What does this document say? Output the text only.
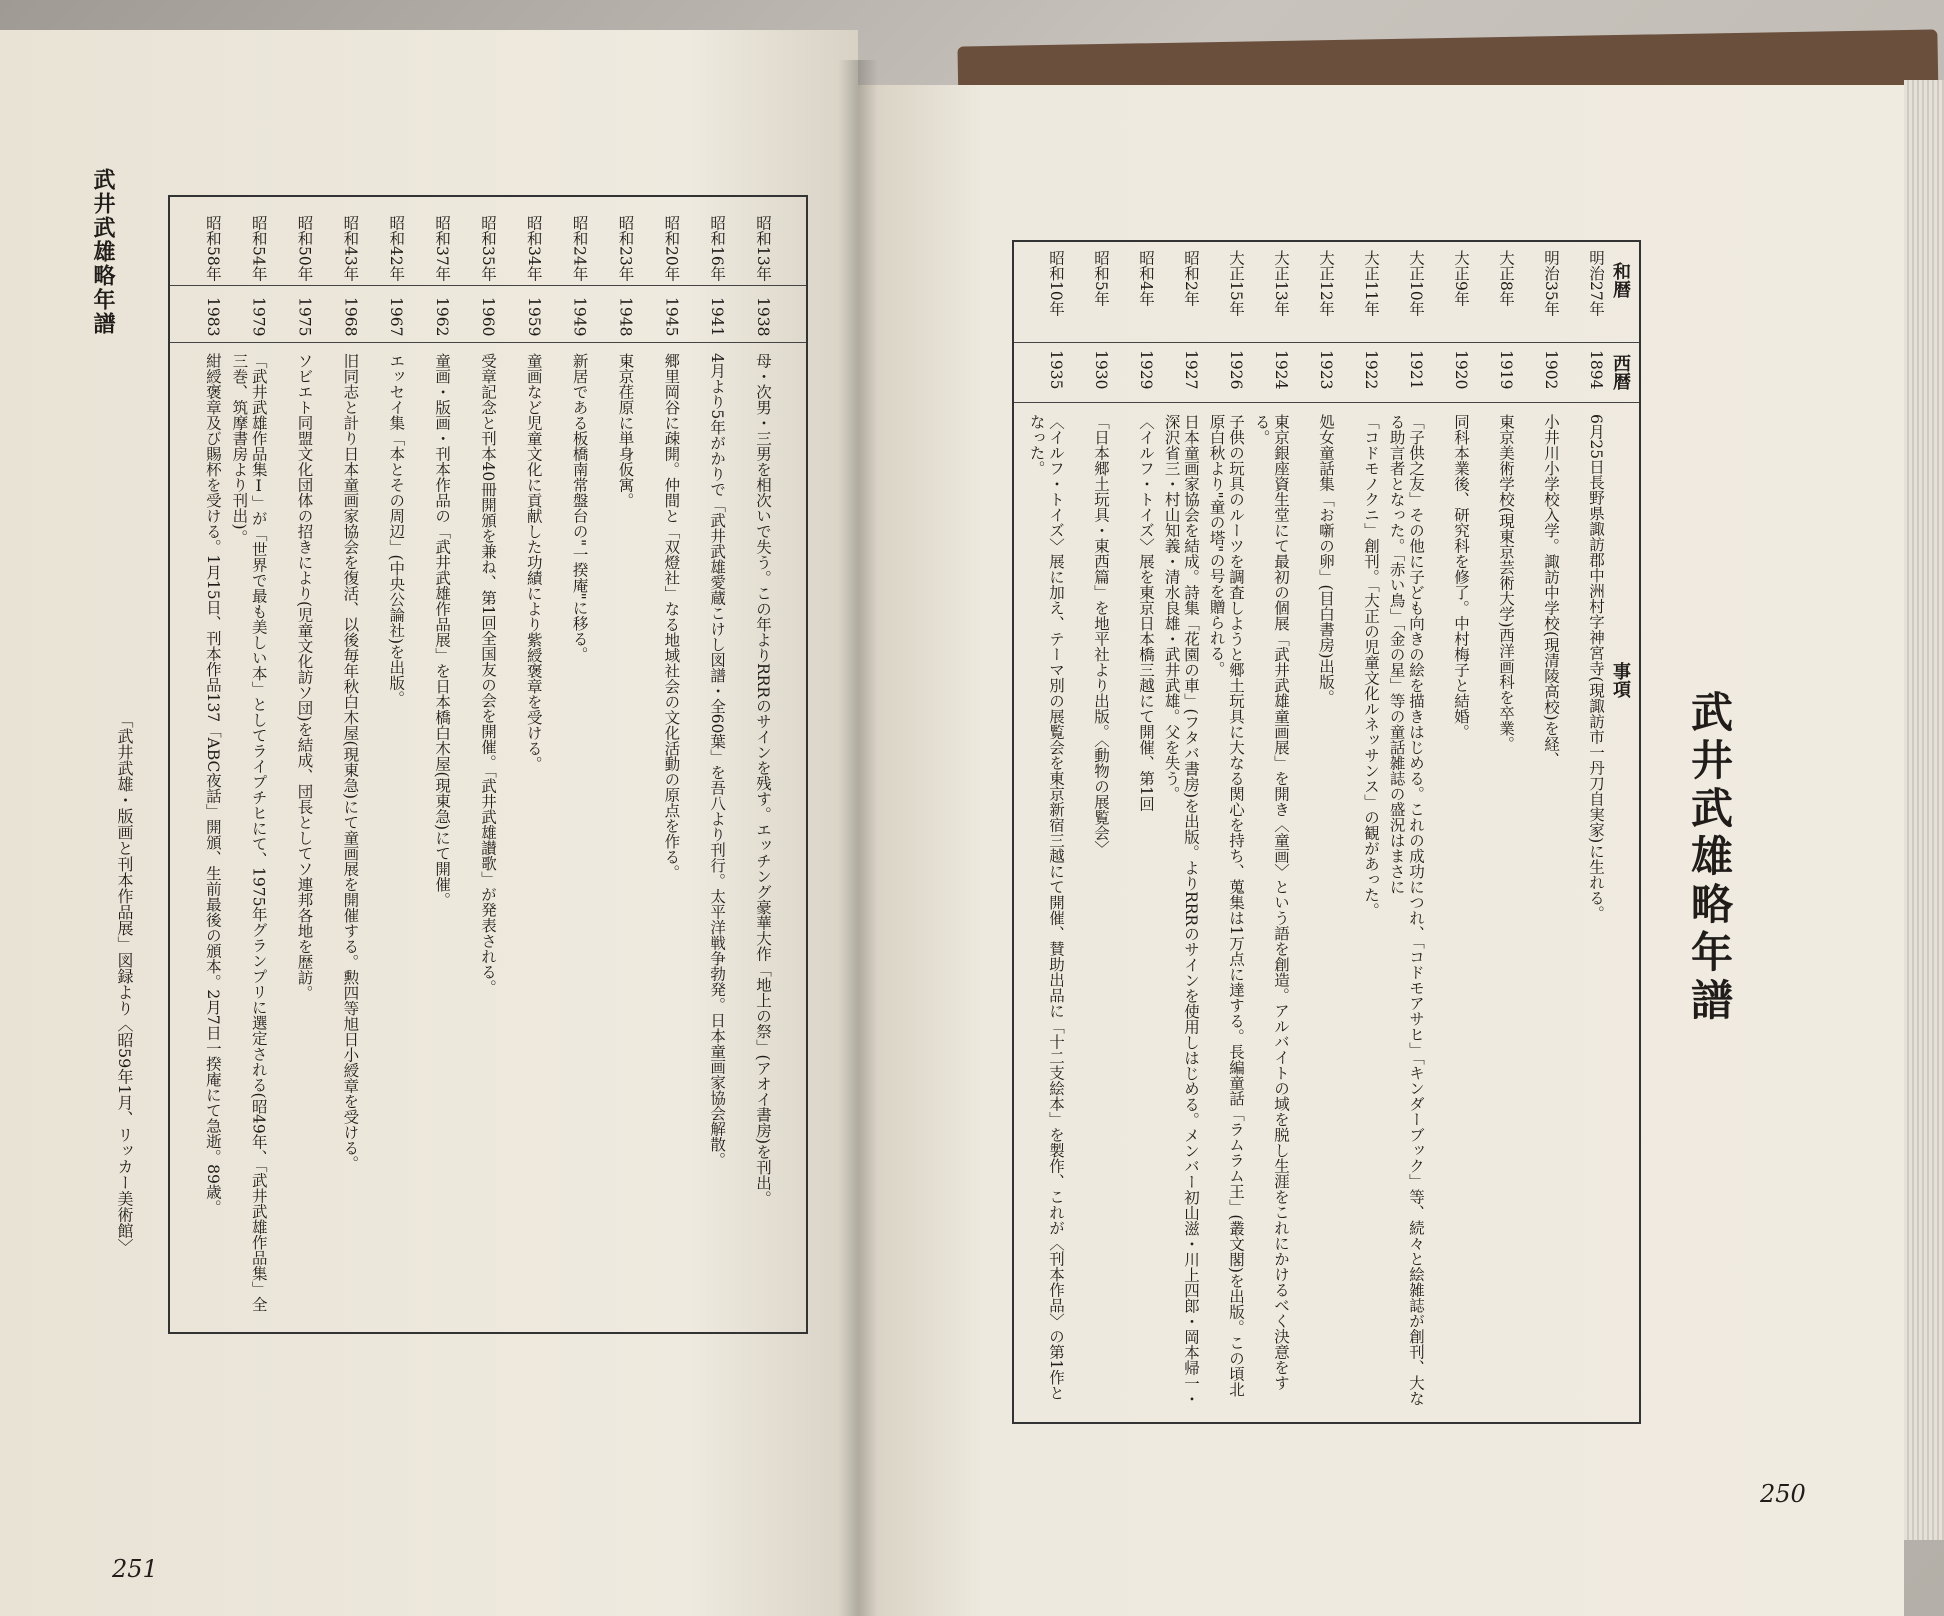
武井武雄略年譜
251
昭和13年
1938
母・次男・三男を相次いで失う。この年よりRRRのサインを残す。エッチング豪華大作「地上の祭」(アオイ書房)を刊出。
昭和16年
1941
4月より5年がかりで「武井武雄愛蔵こけし図譜・全60葉」を吾八より刊行。太平洋戦争勃発。日本童画家協会解散。
昭和20年
1945
郷里岡谷に疎開。仲間と「双燈社」なる地域社会の文化活動の原点を作る。
昭和23年
1948
東京荏原に単身仮寓。
昭和24年
1949
新居である板橋南常盤台の"一揆庵"に移る。
昭和34年
1959
童画など児童文化に貢献した功績により紫綬褒章を受ける。
昭和35年
1960
受章記念と刊本40冊開頒を兼ね、第1回全国友の会を開催。「武井武雄讃歌」が発表される。
昭和37年
1962
童画・版画・刊本作品の「武井武雄作品展」を日本橋白木屋(現東急)にて開催。
昭和42年
1967
エッセイ集「本とその周辺」(中央公論社)を出版。
昭和43年
1968
旧同志と計り日本童画家協会を復活、以後毎年秋白木屋(現東急)にて童画展を開催する。勲四等旭日小綬章を受ける。
昭和50年
1975
ソビエト同盟文化団体の招きにより(児童文化訪ソ団)を結成、団長としてソ連邦各地を歴訪。
昭和54年
1979
「武井武雄作品集Ⅰ」が「世界で最も美しい本」としてライプチヒにて、1975年グランプリに選定される(昭49年、「武井武雄作品集」全三巻、筑摩書房より刊出)。
昭和58年
1983
紺綬褒章及び賜杯を受ける。1月15日、刊本作品137「ABC夜話」開頒、生前最後の頒本。2月7日一揆庵にて急逝。89歳。
「武井武雄・版画と刊本作品展」図録より〈昭59年1月、リッカー美術館〉	武井武雄略年譜
250
和暦
西暦
事項
明治27年
1894
6月25日長野県諏訪郡中洲村字神宮寺(現諏訪市一丹刀自実家)に生れる。
明治35年
1902
小井川小学校入学。諏訪中学校(現清陵高校)を経、
大正8年
1919
東京美術学校(現東京芸術大学)西洋画科を卒業。
大正9年
1920
同科本業後、研究科を修了。中村梅子と結婚。
大正10年
1921
「子供之友」その他に子ども向きの絵を描きはじめる。これの成功につれ、「コドモアサヒ」「キンダーブック」等、続々と絵雑誌が創刊、大なる助言者となった。「赤い鳥」「金の星」等の童話雑誌の盛況はまさに
大正11年
1922
「コドモノクニ」創刊。「大正の児童文化ルネッサンス」の観があった。
大正12年
1923
処女童話集「お噺の卵」(目白書房)出版。
大正13年
1924
東京銀座資生堂にて最初の個展「武井武雄童画展」を開き〈童画〉という語を創造。アルバイトの域を脱し生涯をこれにかけるべく決意をする。
大正15年
1926
子供の玩具のルーツを調査しようと郷土玩具に大なる関心を持ち、蒐集は1万点に達する。長編童話「ラムラム王」(叢文閣)を出版。この頃北原白秋より"童の塔"の号を贈られる。
昭和2年
1927
日本童画家協会を結成。詩集「花園の車」(フタバ書房)を出版。よりRRRのサインを使用しはじめる。メンバー初山滋・川上四郎・岡本帰一・深沢省三・村山知義・清水良雄・武井武雄。父を失う。
昭和4年
1929
〈イルフ・トイズ〉展を東京日本橋三越にて開催、第1回
昭和5年
1930
「日本郷土玩具・東西篇」を地平社より出版。〈動物の展覧会〉
昭和10年
1935
〈イルフ・トイズ〉展に加え、テーマ別の展覧会を東京新宿三越にて開催、賛助出品に「十二支絵本」を製作、これが〈刊本作品〉の第1作となった。
